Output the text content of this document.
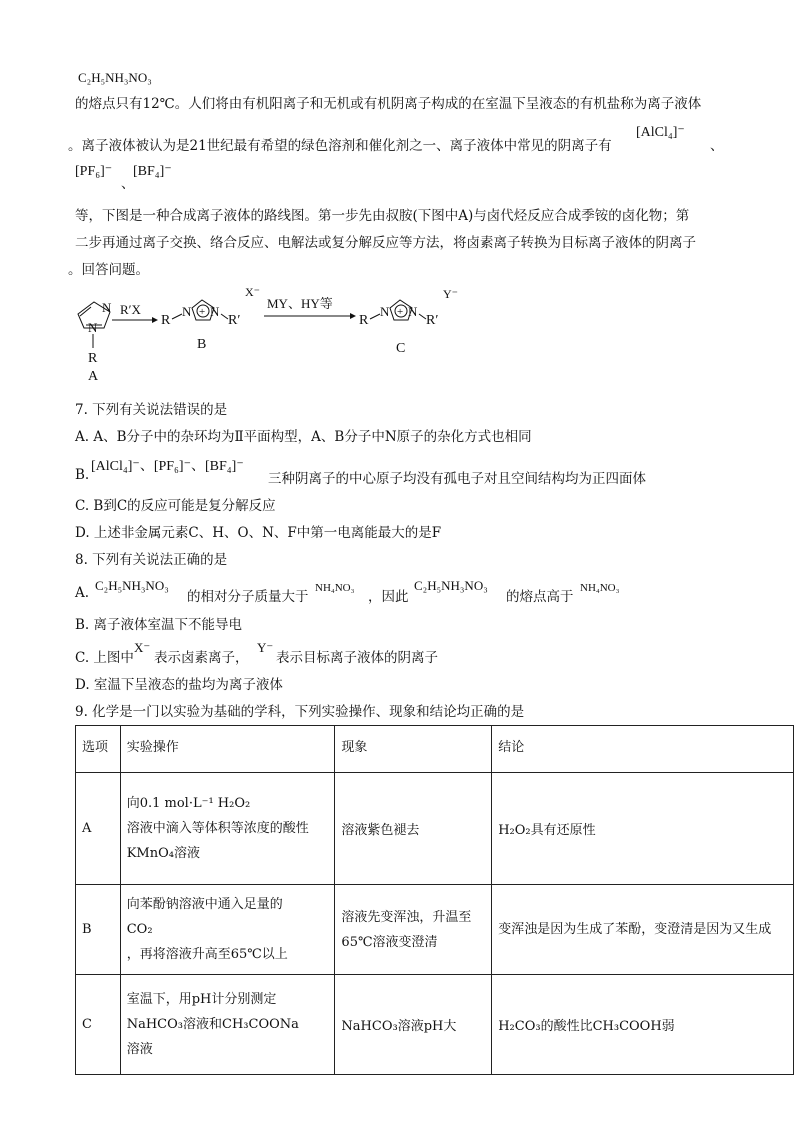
C₂H₅NH₃NO₃
的熔点只有12℃。人们将由有机阳离子和无机或有机阴离子构成的在室温下呈液态的有机盐称为离子液体
。离子液体被认为是21世纪最有希望的绿色溶剂和催化剂之一、离子液体中常见的阴离子有
[AlCl₄]⁻
、
[PF₆]⁻
、
[BF₄]⁻
等，下图是一种合成离子液体的路线图。第一步先由叔胺(下图中A)与卤代烃反应合成季铵的卤化物；第
二步再通过离子交换、络合反应、电解法或复分解反应等方法，将卤素离子转换为目标离子液体的阴离子
。回答问题。
N
N
R
A
R′X
R
N + N
R′
X⁻
B
MY、HY等
R
N + N
R′
Y⁻
C
7. 下列有关说法错误的是
A. A、B分子中的杂环均为Ⅱ平面构型，A、B分子中N原子的杂化方式也相同
B.
[AlCl₄]⁻、[PF₆]⁻、[BF₄]⁻
三种阴离子的中心原子均没有孤电子对且空间结构均为正四面体
C. B到C的反应可能是复分解反应
D. 上述非金属元素C、H、O、N、F中第一电离能最大的是F
8. 下列有关说法正确的是
A. C₂H₅NH₃NO₃
的相对分子质量大于
NH₄NO₃
，因此
C₂H₅NH₃NO₃
的熔点高于
NH₄NO₃
B. 离子液体室温下不能导电
C. 上图中
X⁻
表示卤素离子，
Y⁻
表示目标离子液体的阴离子
D. 室温下呈液态的盐均为离子液体
9. 化学是一门以实验为基础的学科，下列实验操作、现象和结论均正确的是
选项	实验操作	现象	结论
A	向0.1 mol·L⁻¹ H₂O₂
溶液中滴入等体积等浓度的酸性
KMnO₄溶液	溶液紫色褪去	H₂O₂具有还原性
B	向苯酚钠溶液中通入足量的
CO₂
，再将溶液升高至65℃以上	溶液先变浑浊，升温至
65℃溶液变澄清	变浑浊是因为生成了苯酚，变澄清是因为又生成

C	室温下，用pH计分别测定
NaHCO₃溶液和CH₃COONa
溶液	NaHCO₃溶液pH大	H₂CO₃的酸性比CH₃COOH弱
